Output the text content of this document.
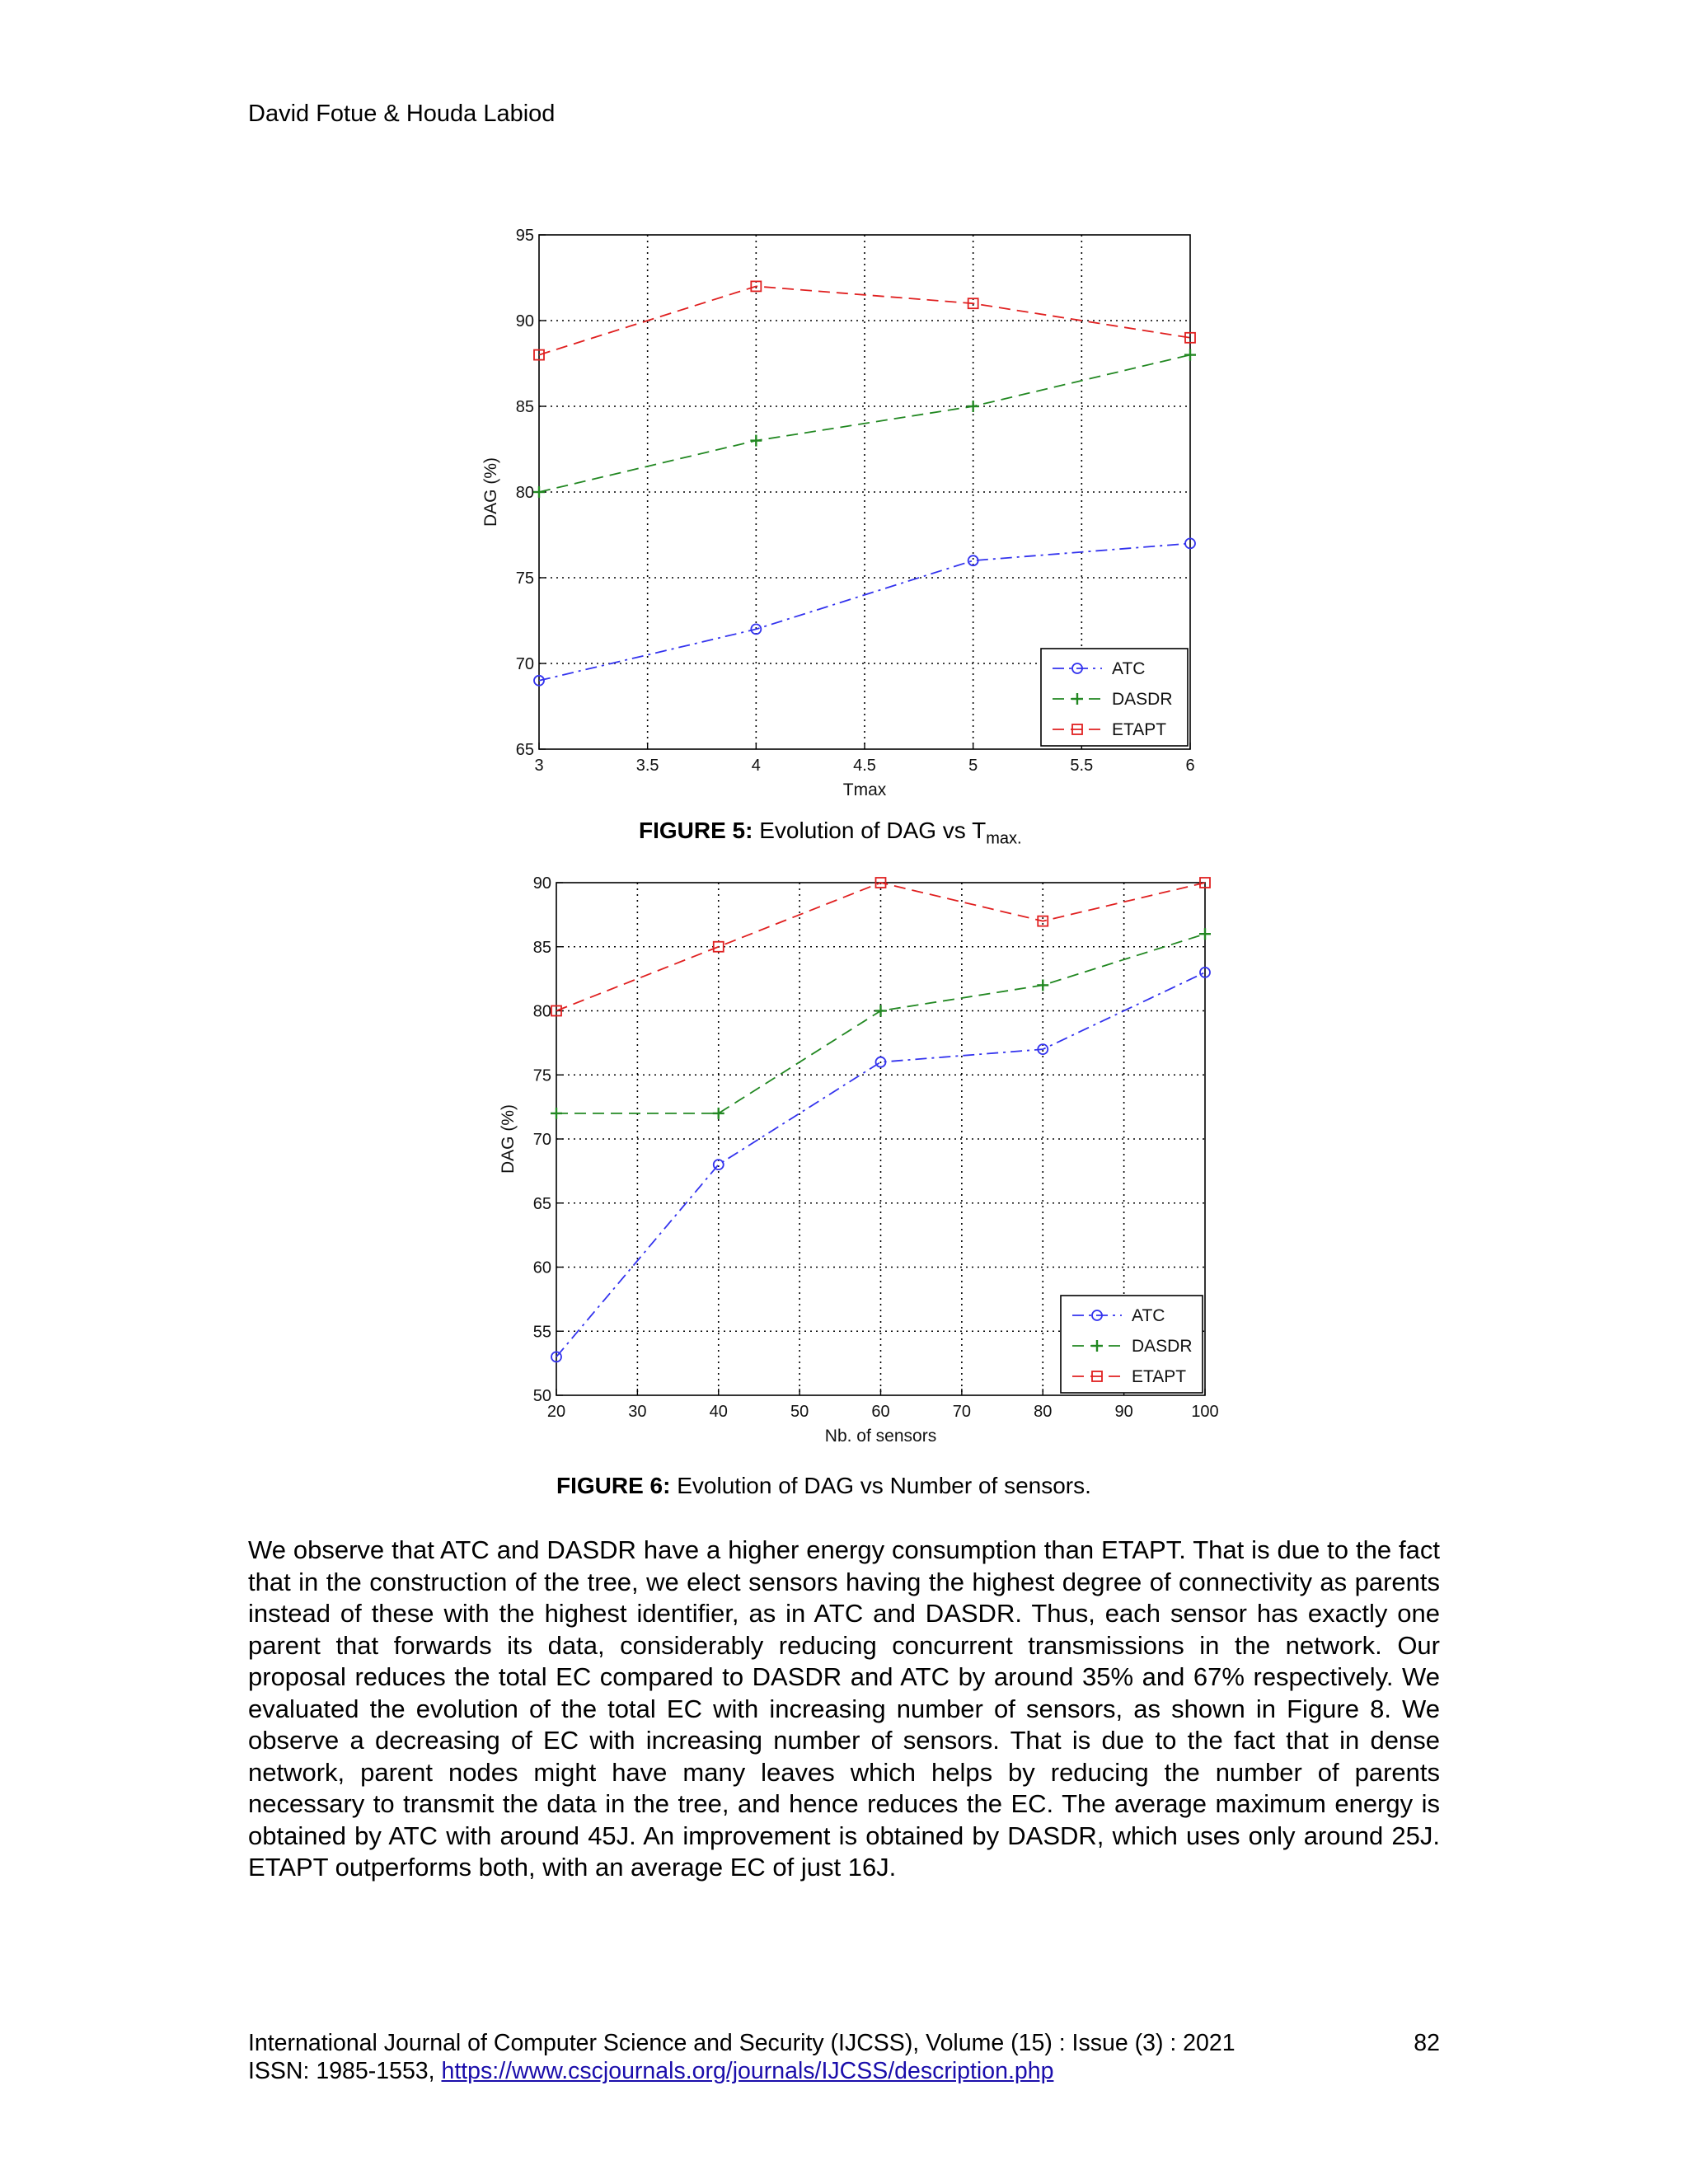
David Fotue & Houda Labiod
3	3.5	4	4.5	5	5.5	6
65
70
75
80
85
90
95
Tmax
DAG (%)
ATC
DASDR
ETAPT
FIGURE 5: Evolution of DAG vs $T_{max.}$
20	30	40	50	60	70	80	90	100
50
55
60
65
70
75
80
85
90
Nb. of sensors
DAG (%)
ATC
DASDR
ETAPT
FIGURE 6: Evolution of DAG vs Number of sensors.
We observe that ATC and DASDR have a higher energy consumption than ETAPT. That is due to the fact that in the construction of the tree, we elect sensors having the highest degree of connectivity as parents instead of these with the highest identifier, as in ATC and DASDR. Thus, each sensor has exactly one parent that forwards its data, considerably reducing concurrent transmissions in the network. Our proposal reduces the total EC compared to DASDR and ATC by around 35% and 67% respectively. We evaluated the evolution of the total EC with increasing number of sensors, as shown in Figure 8. We observe a decreasing of EC with increasing number of sensors. That is due to the fact that in dense network, parent nodes might have many leaves which helps by reducing the number of parents necessary to transmit the data in the tree, and hence reduces the EC. The average maximum energy is obtained by ATC with around 45J. An improvement is obtained by DASDR, which uses only around 25J. ETAPT outperforms both, with an average EC of just 16J.
International Journal of Computer Science and Security (IJCSS), Volume (15) : Issue (3) : 2021	82
ISSN: 1985-1553, https://www.cscjournals.org/journals/IJCSS/description.php
